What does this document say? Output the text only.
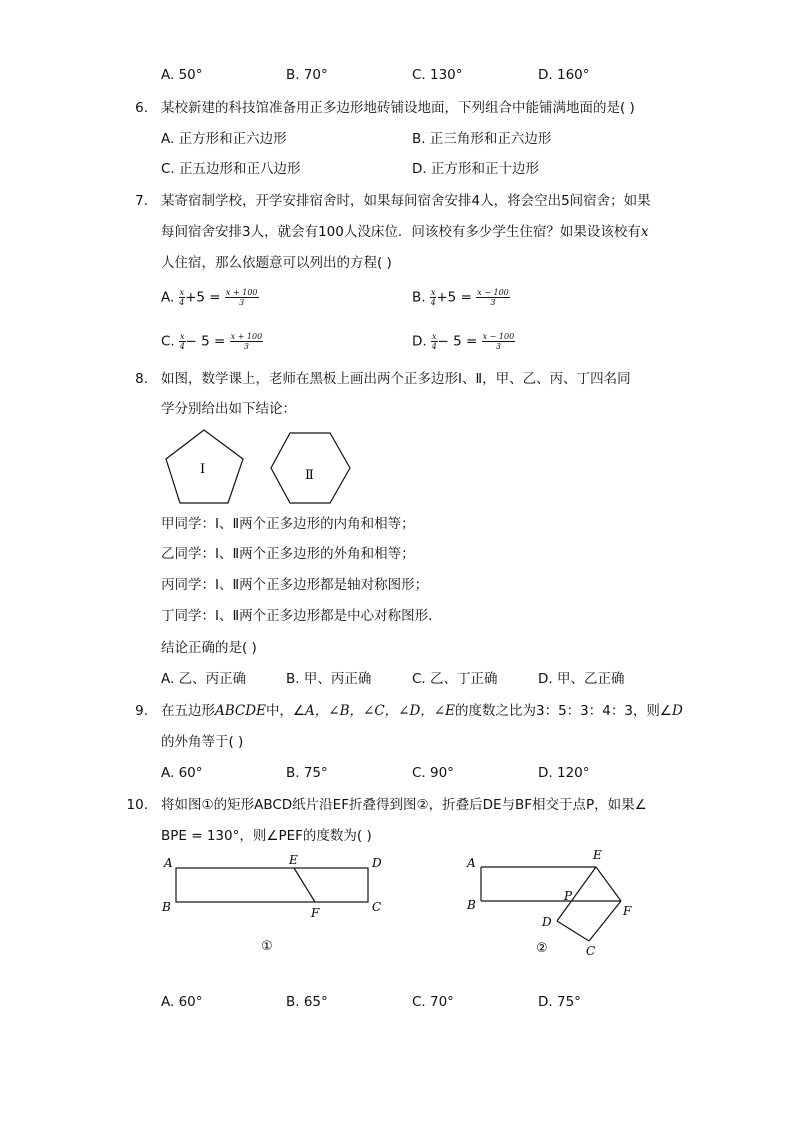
A. 50°	B. 70°	C. 130°	D. 160°
6. 某校新建的科技馆准备用正多边形地砖铺设地面，下列组合中能铺满地面的是( )
A. 正方形和正六边形	B. 正三角形和正六边形
C. 正五边形和正八边形	D. 正方形和正十边形
7. 某寄宿制学校，开学安排宿舍时，如果每间宿舍安排4人，将会空出5间宿舍；如果
每间宿舍安排3人，就会有100人没床位．问该校有多少学生住宿？如果设该校有x
人住宿，那么依题意可以列出的方程( )
A. $\frac{x}{4} +5 = \frac{x + 100}{3}$	B. $\frac{x}{4} +5 = \frac{x - 100}{3}$
C. $\frac{x}{4} - 5 = \frac{x + 100}{3}$	D. $\frac{x}{4} - 5 = \frac{x - 100}{3}$
8. 如图，数学课上，老师在黑板上画出两个正多边形Ⅰ、Ⅱ，甲、乙、丙、丁四名同
学分别给出如下结论：
Ⅰ	Ⅱ
甲同学：Ⅰ、Ⅱ两个正多边形的内角和相等；
乙同学：Ⅰ、Ⅱ两个正多边形的外角和相等；
丙同学：Ⅰ、Ⅱ两个正多边形都是轴对称图形；
丁同学：Ⅰ、Ⅱ两个正多边形都是中心对称图形．
结论正确的是( )
A. 乙、丙正确	B. 甲、丙正确	C. 乙、丁正确	D. 甲、乙正确
9. 在五边形ABCDE中，∠A，∠B，∠C，∠D，∠E的度数之比为3：5：3：4：3，则∠D
的外角等于( )
A. 60°	B. 75°	C. 90°	D. 120°
10. 将如图①的矩形ABCD纸片沿EF折叠得到图②，折叠后DE与BF相交于点P，如果∠
BPE = 130°，则∠PEF的度数为( )
A
B	C
D
E
F
①
A
B
E
P
F
D
C
②
A. 60°	B. 65°	C. 70°	D. 75°
